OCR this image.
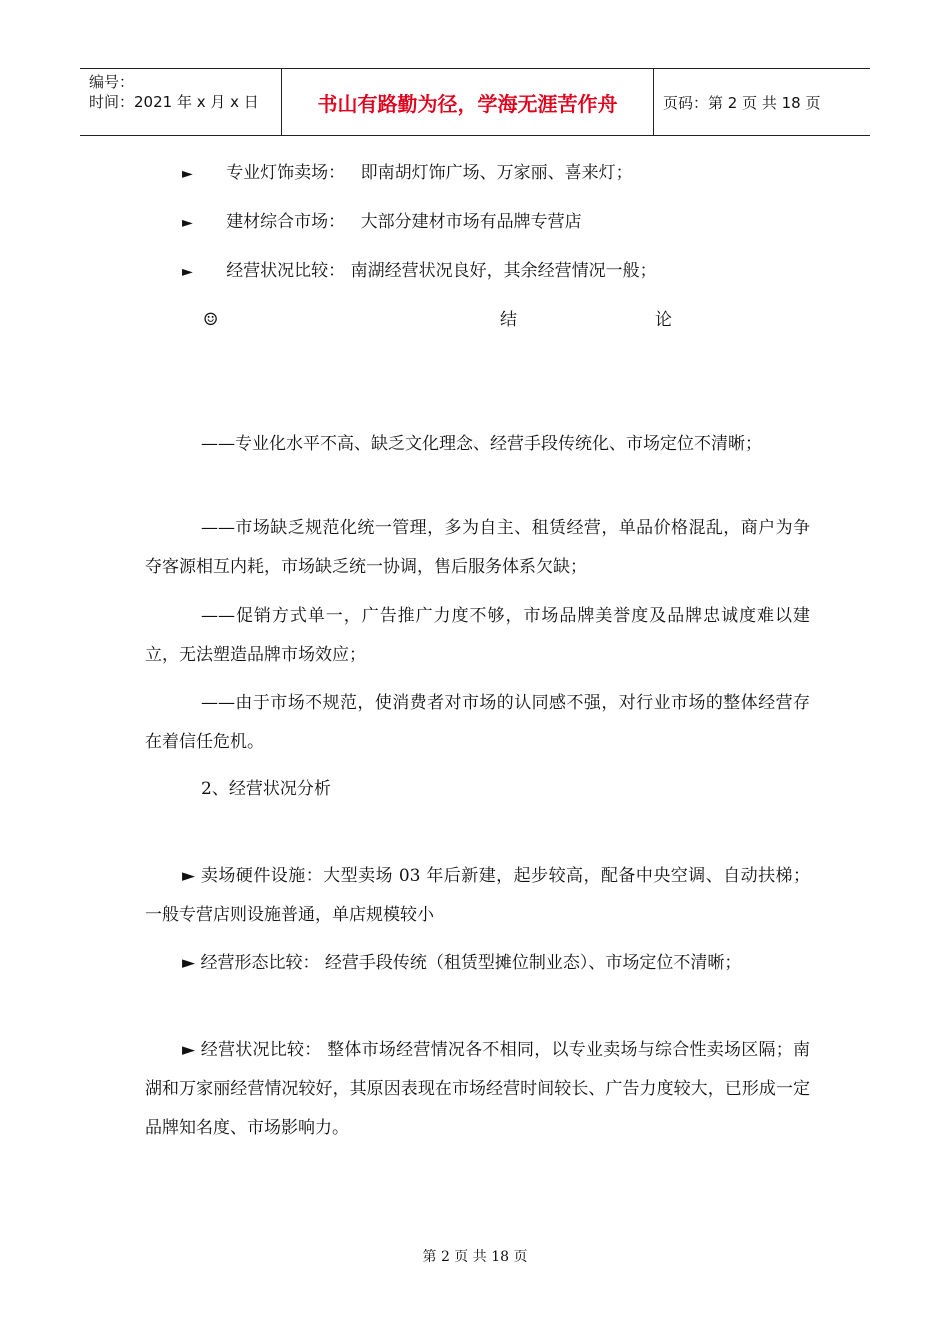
编号：
时间：2021 年 x 月 x 日	书山有路勤为径，学海无涯苦作舟	页码：第 2 页 共 18 页
► 专业灯饰卖场： 即南胡灯饰广场、万家丽、喜来灯；
► 建材综合市场： 大部分建材市场有品牌专营店
► 经营状况比较： 南湖经营状况良好，其余经营情况一般；
☺	结	论
——专业化水平不高、缺乏文化理念、经营手段传统化、市场定位不清晰；
——市场缺乏规范化统一管理，多为自主、租赁经营，单品价格混乱，商户为争夺客源相互内耗，市场缺乏统一协调，售后服务体系欠缺；
——促销方式单一，广告推广力度不够，市场品牌美誉度及品牌忠诚度难以建立，无法塑造品牌市场效应；
——由于市场不规范，使消费者对市场的认同感不强，对行业市场的整体经营存在着信任危机。
2、经营状况分析
► 卖场硬件设施：大型卖场 03 年后新建，起步较高，配备中央空调、自动扶梯；一般专营店则设施普通，单店规模较小
► 经营形态比较： 经营手段传统（租赁型摊位制业态）、市场定位不清晰；
► 经营状况比较： 整体市场经营情况各不相同，以专业卖场与综合性卖场区隔；南湖和万家丽经营情况较好，其原因表现在市场经营时间较长、广告力度较大，已形成一定品牌知名度、市场影响力。
第 2 页 共 18 页
